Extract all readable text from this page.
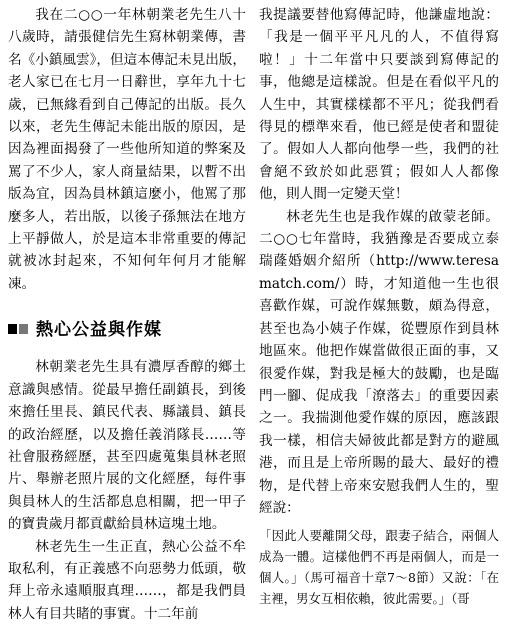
我在二○○一年林朝業老先生八十八歲時，請張健信先生寫林朝業傳，書名《小鎮風雲》，但這本傳記未見出版，老人家已在七月一日辭世，享年九十七歲，已無緣看到自己傳記的出版。長久以來，老先生傳記未能出版的原因，是因為裡面揭發了一些他所知道的弊案及罵了不少人，家人商量結果，以暫不出版為宜，因為員林鎮這麼小，他罵了那麼多人，若出版，以後子孫無法在地方上平靜做人，於是這本非常重要的傳記就被冰封起來，不知何年何月才能解凍。

熱心公益與作媒

林朝業老先生具有濃厚香醇的鄉土意識與感情。從最早擔任副鎮長，到後來擔任里長、鎮民代表、縣議員、鎮長的政治經歷，以及擔任義消隊長……等社會服務經歷，甚至四處蒐集員林老照片、舉辦老照片展的文化經歷，每件事與員林人的生活都息息相關，把一甲子的寶貴歲月都貢獻給員林這塊土地。

林老先生一生正直，熱心公益不牟取私利，有正義感不向惡勢力低頭，敬拜上帝永遠順服真理……，都是我們員林人有目共睹的事實。十二年前

我提議要替他寫傳記時，他謙虛地說：「我是一個平平凡凡的人，不值得寫啦！」十二年當中只要談到寫傳記的事，他總是這樣說。但是在看似平凡的人生中，其實樣樣都不平凡；從我們看得見的標準來看，他已經是使者和盟徒了。假如人人都向他學一些，我們的社會絕不致於如此惡質；假如人人都像他，則人間一定變天堂！

林老先生也是我作媒的啟蒙老師。二○○七年當時，我猶豫是否要成立泰瑞蕯婚姻介紹所（http://www.teresamatch.com/）時，才知道他一生也很喜歡作媒，可說作媒無數，頗為得意，甚至也為小姨子作媒，從豐原作到員林地區來。他把作媒當做很正面的事，又很愛作媒，對我是極大的鼓勵，也是臨門一腳、促成我「潦落去」的重要因素之一。我揣測他愛作媒的原因，應該跟我一樣，相信夫婦彼此都是對方的避風港，而且是上帝所賜的最大、最好的禮物，是代替上帝來安慰我們人生的，聖經說：

「因此人要離開父母，跟妻子結合，兩個人成為一體。這樣他們不再是兩個人，而是一個人。」（馬可福音十章7～8節）又說：「在主裡，男女互相依賴，彼此需要。」（哥
